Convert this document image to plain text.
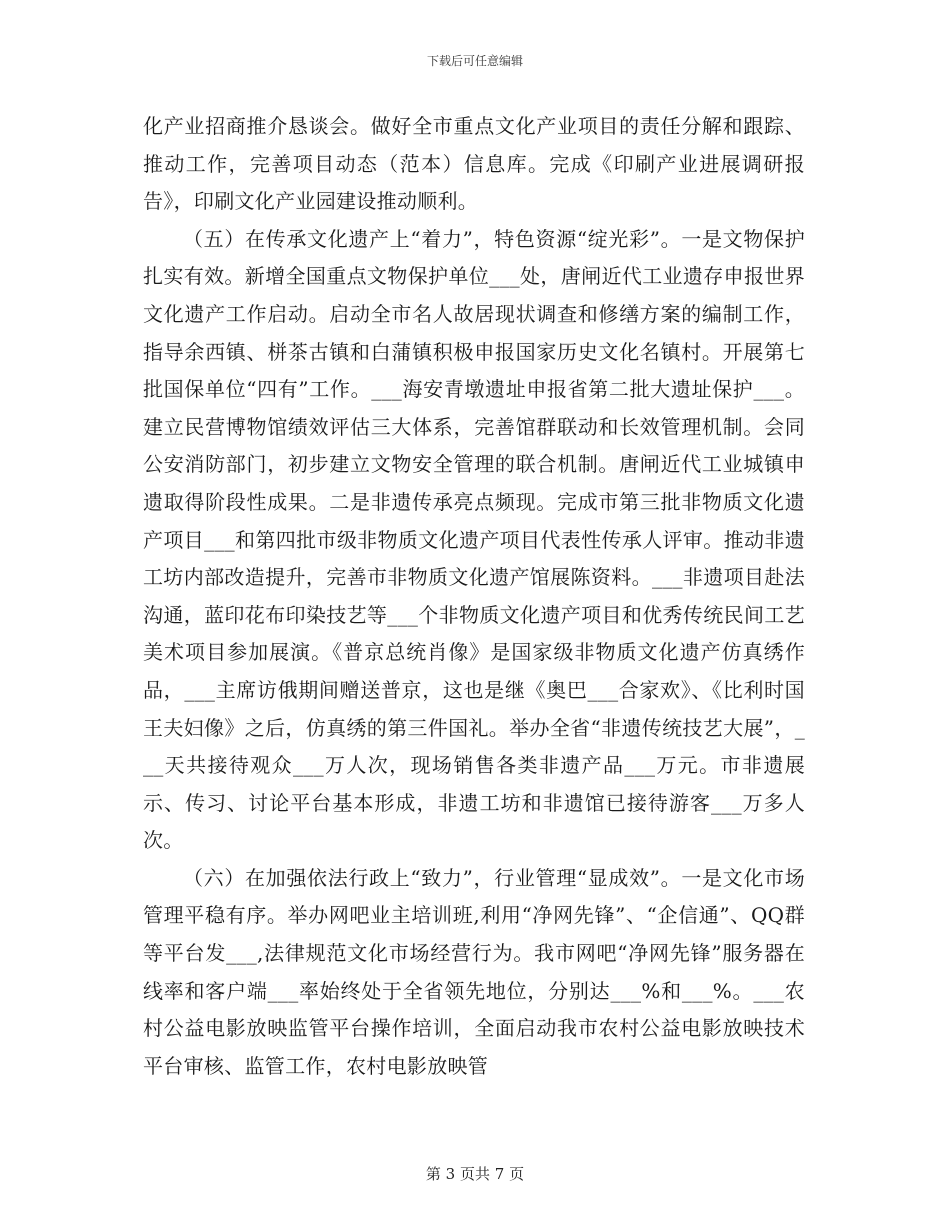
下载后可任意编辑

化产业招商推介恳谈会。做好全市重点文化产业项目的责任分解和跟踪、推动工作，完善项目动态（范本）信息库。完成《印刷产业进展调研报告》，印刷文化产业园建设推动顺利。

（五）在传承文化遗产上“着力”，特色资源“绽光彩”。一是文物保护扎实有效。新增全国重点文物保护单位___处，唐闸近代工业遗存申报世界文化遗产工作启动。启动全市名人故居现状调查和修缮方案的编制工作，指导余西镇、栟茶古镇和白蒲镇积极申报国家历史文化名镇村。开展第七批国保单位“四有”工作。___海安青墩遗址申报省第二批大遗址保护___。建立民营博物馆绩效评估三大体系，完善馆群联动和长效管理机制。会同公安消防部门，初步建立文物安全管理的联合机制。唐闸近代工业城镇申遗取得阶段性成果。二是非遗传承亮点频现。完成市第三批非物质文化遗产项目___和第四批市级非物质文化遗产项目代表性传承人评审。推动非遗工坊内部改造提升，完善市非物质文化遗产馆展陈资料。___非遗项目赴法沟通，蓝印花布印染技艺等___个非物质文化遗产项目和优秀传统民间工艺美术项目参加展演。《普京总统肖像》是国家级非物质文化遗产仿真绣作品，___主席访俄期间赠送普京，这也是继《奥巴___合家欢》、《比利时国王夫妇像》之后，仿真绣的第三件国礼。举办全省“非遗传统技艺大展”，___天共接待观众___万人次，现场销售各类非遗产品___万元。市非遗展示、传习、讨论平台基本形成，非遗工坊和非遗馆已接待游客___万多人次。

（六）在加强依法行政上“致力”，行业管理“显成效”。一是文化市场管理平稳有序。举办网吧业主培训班,利用“净网先锋”、“企信通”、QQ群等平台发___,法律规范文化市场经营行为。我市网吧“净网先锋”服务器在线率和客户端___率始终处于全省领先地位，分别达___%和___%。___农村公益电影放映监管平台操作培训，全面启动我市农村公益电影放映技术平台审核、监管工作，农村电影放映管

第 3 页共 7 页
